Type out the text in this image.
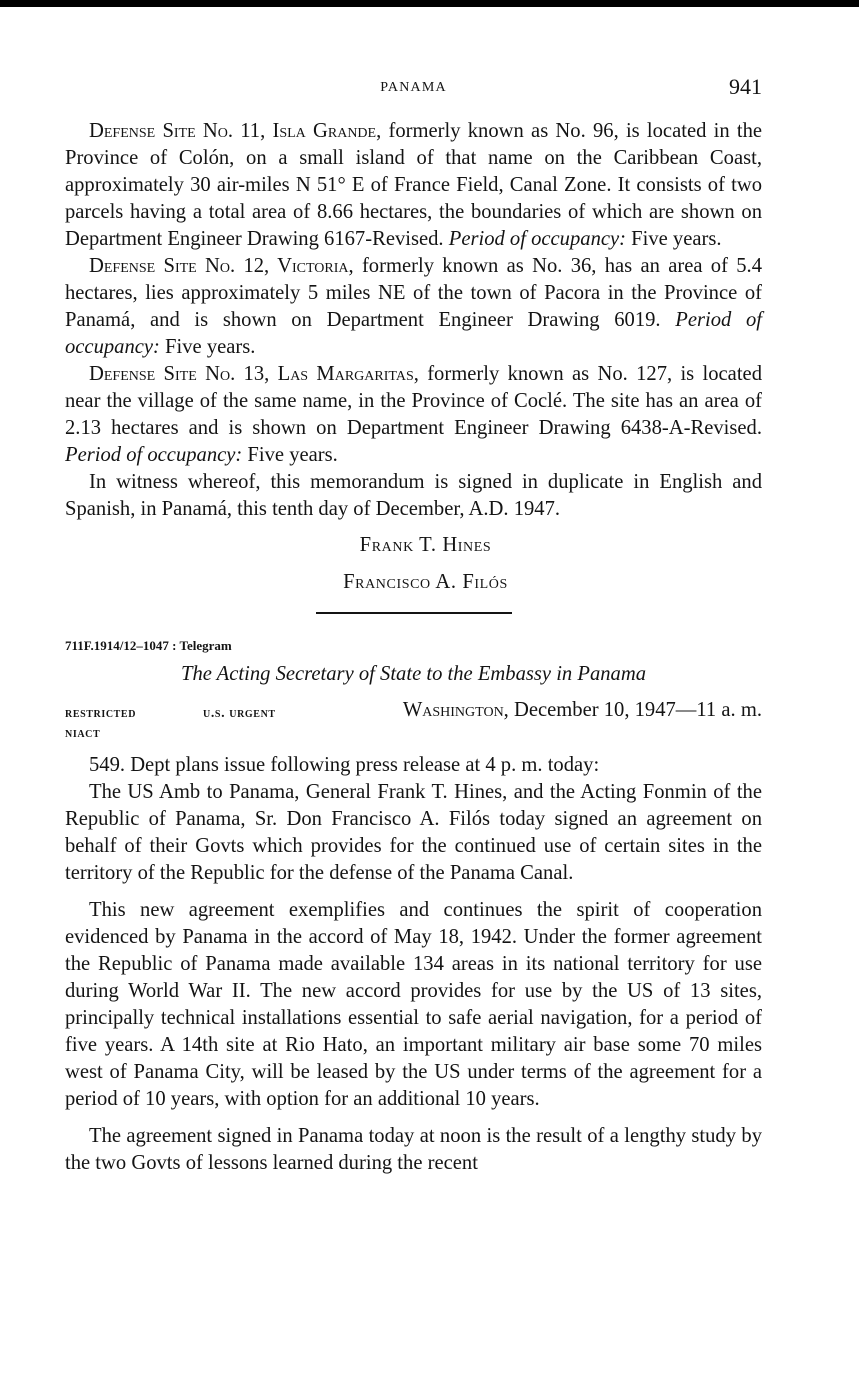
PANAMA	941

Defense Site No. 11, Isla Grande, formerly known as No. 96, is located in the Province of Colón, on a small island of that name on the Caribbean Coast, approximately 30 air-miles N 51° E of France Field, Canal Zone. It consists of two parcels having a total area of 8.66 hectares, the boundaries of which are shown on Department Engineer Drawing 6167-Revised. Period of occupancy: Five years.

Defense Site No. 12, Victoria, formerly known as No. 36, has an area of 5.4 hectares, lies approximately 5 miles NE of the town of Pacora in the Province of Panamá, and is shown on Department Engineer Drawing 6019. Period of occupancy: Five years.

Defense Site No. 13, Las Margaritas, formerly known as No. 127, is located near the village of the same name, in the Province of Coclé. The site has an area of 2.13 hectares and is shown on Department Engineer Drawing 6438-A-Revised. Period of occupancy: Five years.

In witness whereof, this memorandum is signed in duplicate in English and Spanish, in Panamá, this tenth day of December, A.D. 1947.

Frank T. Hines

Francisco A. Filós

711F.1914/12–1047 : Telegram
The Acting Secretary of State to the Embassy in Panama
restricted	u.s. urgent	Washington, December 10, 1947—11 a. m.
niact

549. Dept plans issue following press release at 4 p. m. today:

The US Amb to Panama, General Frank T. Hines, and the Acting Fonmin of the Republic of Panama, Sr. Don Francisco A. Filós today signed an agreement on behalf of their Govts which provides for the continued use of certain sites in the territory of the Republic for the defense of the Panama Canal.

This new agreement exemplifies and continues the spirit of cooperation evidenced by Panama in the accord of May 18, 1942. Under the former agreement the Republic of Panama made available 134 areas in its national territory for use during World War II. The new accord provides for use by the US of 13 sites, principally technical installations essential to safe aerial navigation, for a period of five years. A 14th site at Rio Hato, an important military air base some 70 miles west of Panama City, will be leased by the US under terms of the agreement for a period of 10 years, with option for an additional 10 years.

The agreement signed in Panama today at noon is the result of a lengthy study by the two Govts of lessons learned during the recent
